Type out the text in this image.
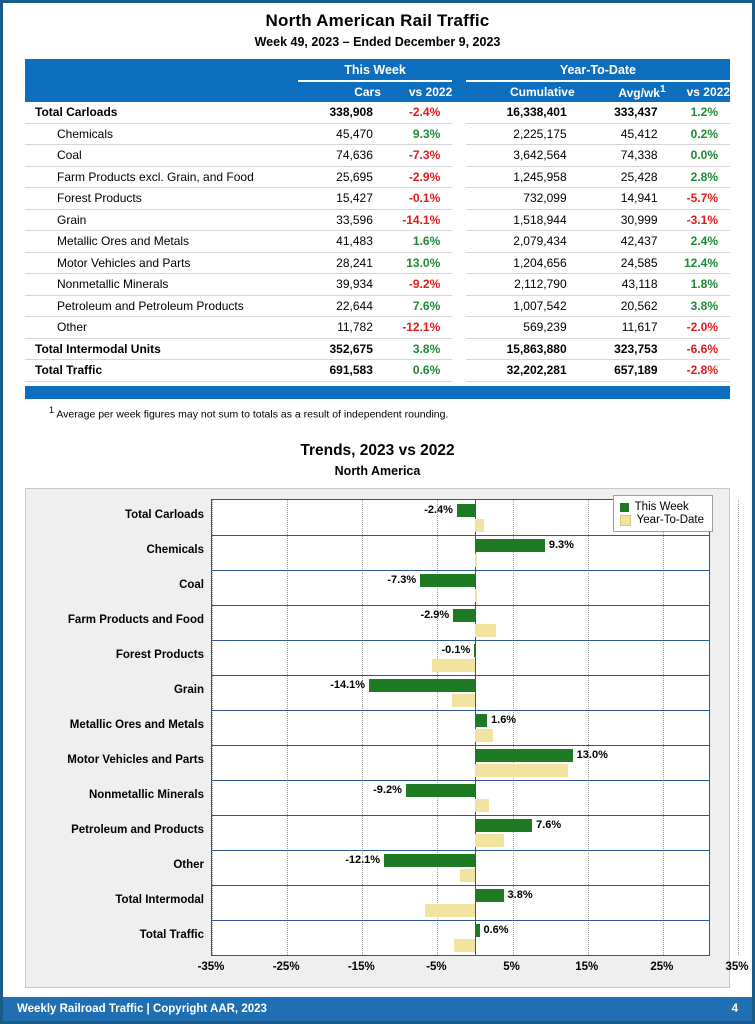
North American Rail Traffic
Week 49, 2023 – Ended December 9, 2023
	This Week			Year-To-Date		
	Cars	vs 2022		Cumulative	Avg/$wk^1$	vs 2022
Total Carloads	338,908	-2.4%		16,338,401	333,437	1.2%
Chemicals	45,470	9.3%		2,225,175	45,412	0.2%
Coal	74,636	-7.3%		3,642,564	74,338	0.0%
Farm Products excl. Grain, and Food	25,695	-2.9%		1,245,958	25,428	2.8%
Forest Products	15,427	-0.1%		732,099	14,941	-5.7%
Grain	33,596	-14.1%		1,518,944	30,999	-3.1%
Metallic Ores and Metals	41,483	1.6%		2,079,434	42,437	2.4%
Motor Vehicles and Parts	28,241	13.0%		1,204,656	24,585	12.4%
Nonmetallic Minerals	39,934	-9.2%		2,112,790	43,118	1.8%
Petroleum and Petroleum Products	22,644	7.6%		1,007,542	20,562	3.8%
Other	11,782	-12.1%		569,239	11,617	-2.0%
Total Intermodal Units	352,675	3.8%		15,863,880	323,753	-6.6%
Total Traffic	691,583	0.6%		32,202,281	657,189	-2.8%
$^1$ Average per week figures may not sum to totals as a result of independent rounding.
Trends, 2023 vs 2022
North America
-2.4%
9.3%
-7.3%
-2.9%
-0.1%
-14.1%
1.6%
13.0%
-9.2%
7.6%
-12.1%
3.8%
0.6%
This Week
Year-To-Date
Total Carloads
Chemicals
Coal
Farm Products and Food
Forest Products
Grain
Metallic Ores and Metals
Motor Vehicles and Parts
Nonmetallic Minerals
Petroleum and Products
Other
Total Intermodal
Total Traffic
-35%	-25%	-15%	-5%	5%	15%	25%	35%
Weekly Railroad Traffic | Copyright AAR, 2023	4
